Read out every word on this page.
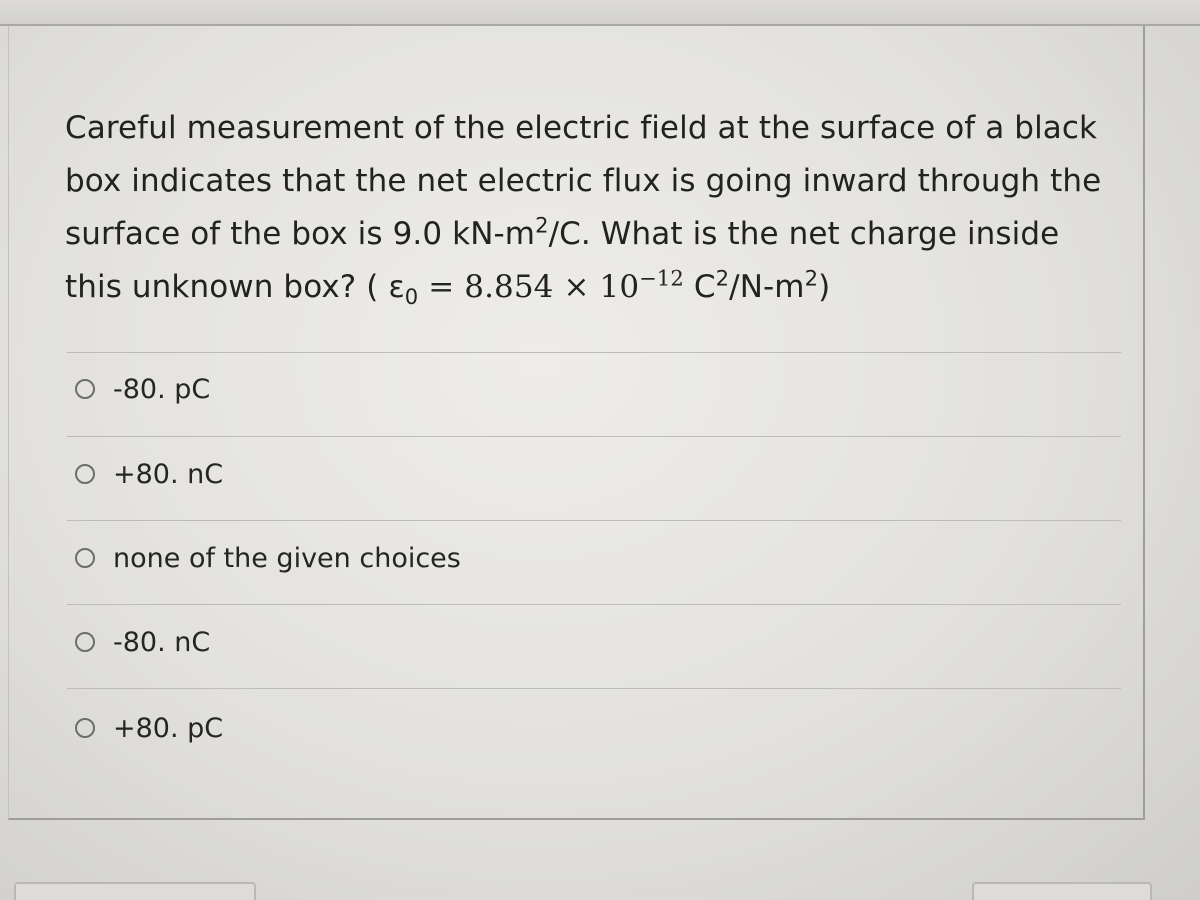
Careful measurement of the electric field at the surface of a black
box indicates that the net electric flux is going inward through the
surface of the box is 9.0 $kN-m^2/C$. What is the net charge inside
this unknown box? ( $\varepsilon_0 = 8.854 \times 10^{-12}$ $C^2/N-m^2$)

-80. pC
+80. nC
none of the given choices
-80. nC
+80. pC
